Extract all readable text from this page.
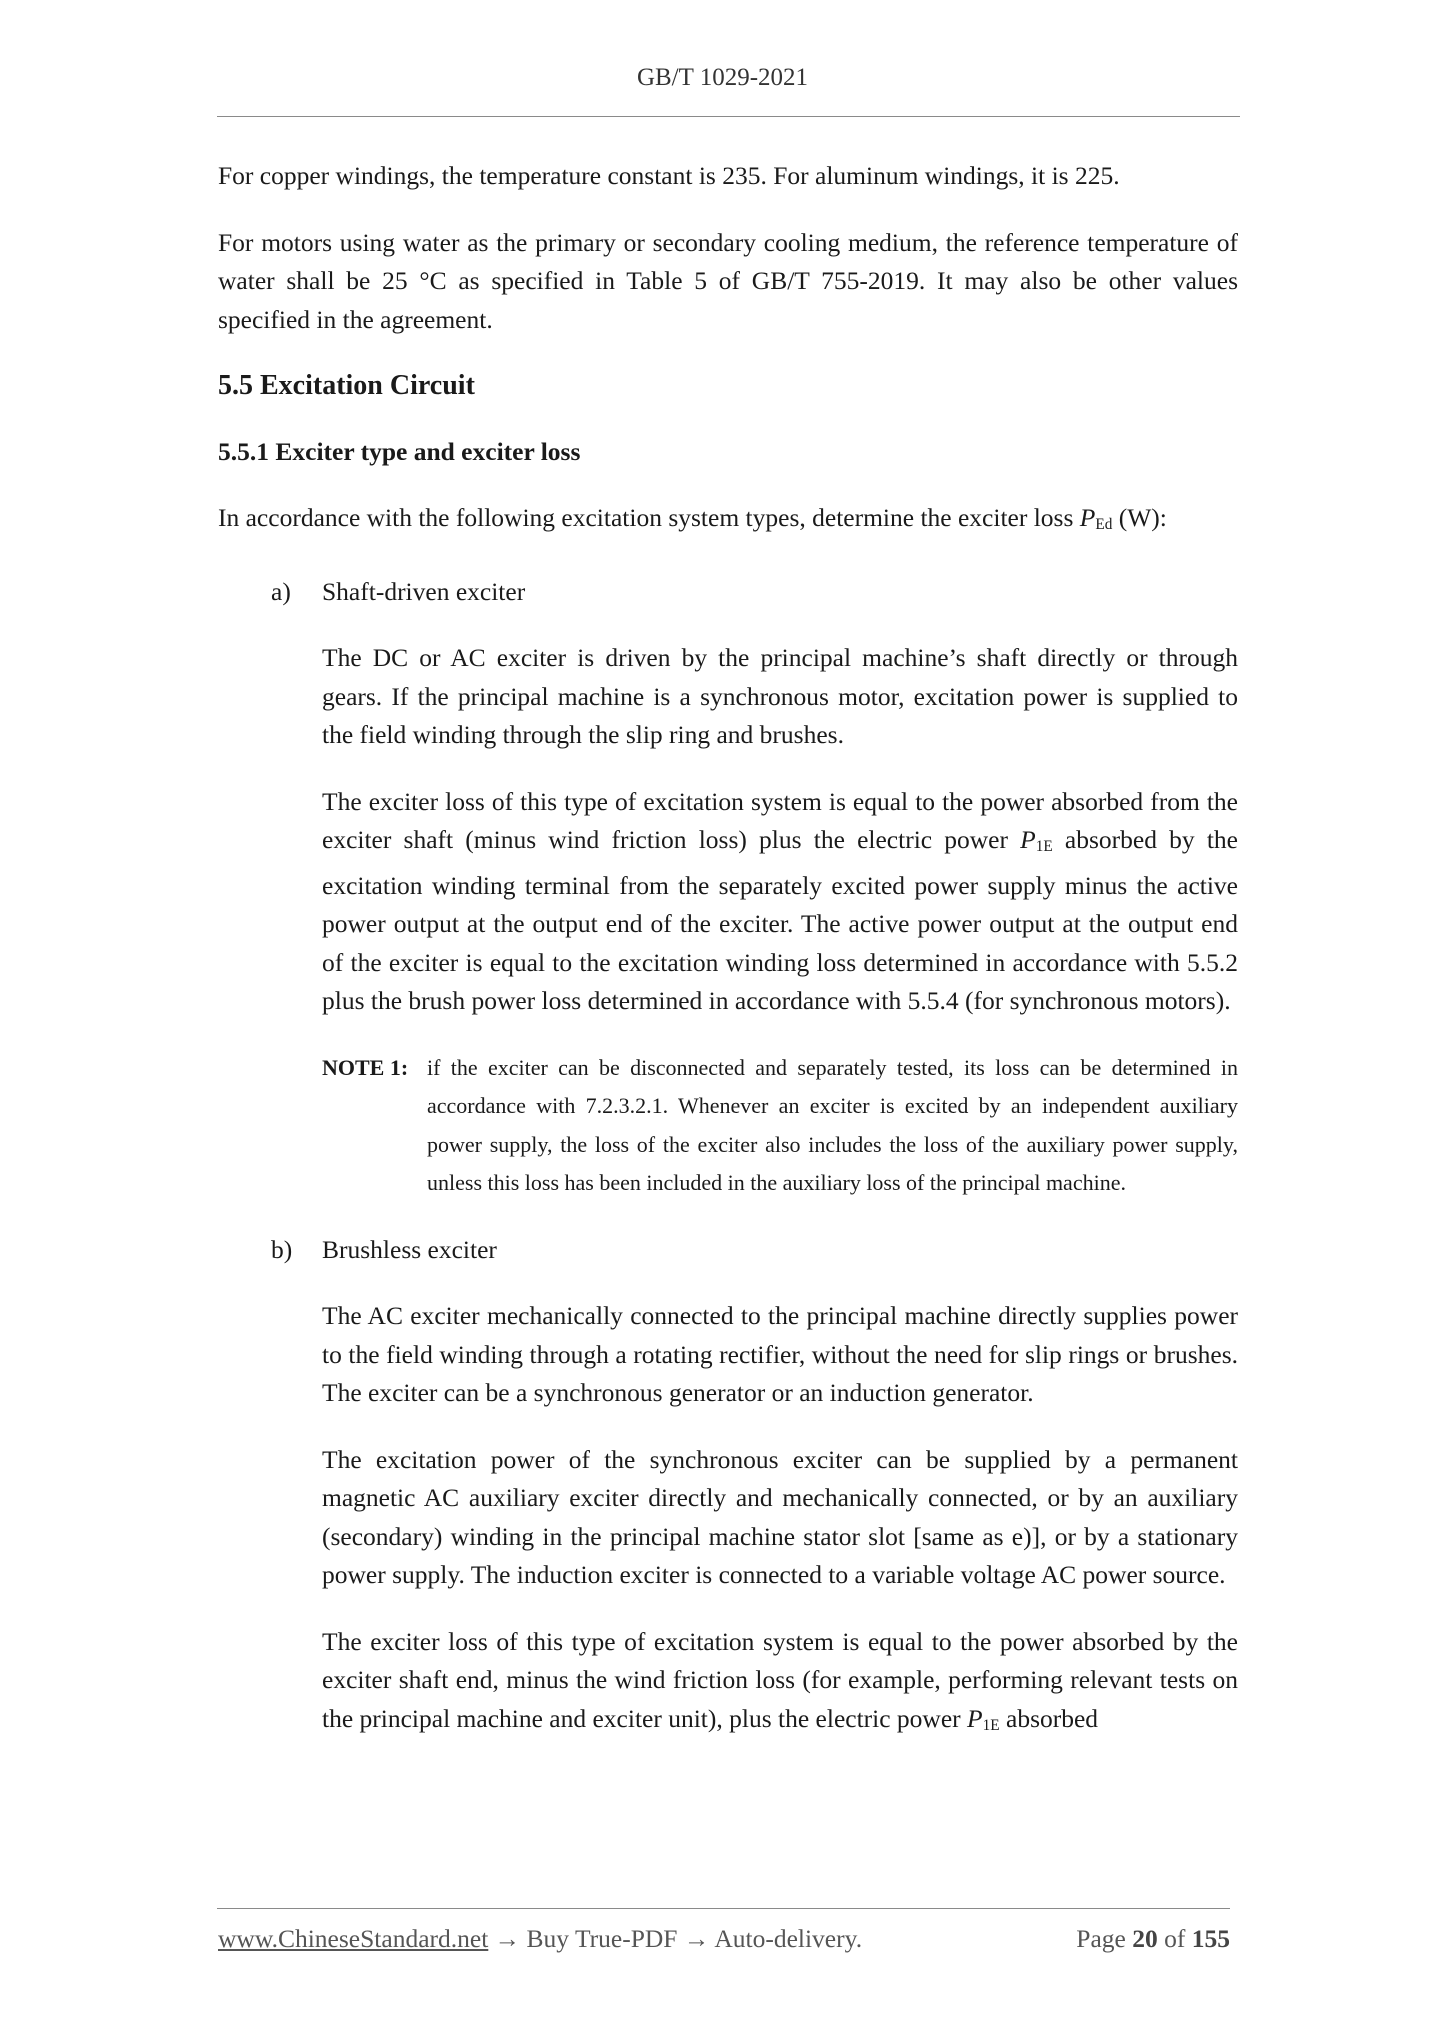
GB/T 1029-2021

For copper windings, the temperature constant is 235. For aluminum windings, it is 225.

For motors using water as the primary or secondary cooling medium, the reference temperature of water shall be 25 °C as specified in Table 5 of GB/T 755-2019. It may also be other values specified in the agreement.

5.5 Excitation Circuit
5.5.1 Exciter type and exciter loss

In accordance with the following excitation system types, determine the exciter loss $P_{Ed}$ (W):

a) Shaft-driven exciter

The DC or AC exciter is driven by the principal machine’s shaft directly or through gears. If the principal machine is a synchronous motor, excitation power is supplied to the field winding through the slip ring and brushes.

The exciter loss of this type of excitation system is equal to the power absorbed from the exciter shaft (minus wind friction loss) plus the electric power $P_{1E}$ absorbed by the excitation winding terminal from the separately excited power supply minus the active power output at the output end of the exciter. The active power output at the output end of the exciter is equal to the excitation winding loss determined in accordance with 5.5.2 plus the brush power loss determined in accordance with 5.5.4 (for synchronous motors).

NOTE 1: if the exciter can be disconnected and separately tested, its loss can be determined in accordance with 7.2.3.2.1. Whenever an exciter is excited by an independent auxiliary power supply, the loss of the exciter also includes the loss of the auxiliary power supply, unless this loss has been included in the auxiliary loss of the principal machine.
b) Brushless exciter

The AC exciter mechanically connected to the principal machine directly supplies power to the field winding through a rotating rectifier, without the need for slip rings or brushes. The exciter can be a synchronous generator or an induction generator.

The excitation power of the synchronous exciter can be supplied by a permanent magnetic AC auxiliary exciter directly and mechanically connected, or by an auxiliary (secondary) winding in the principal machine stator slot [same as e)], or by a stationary power supply. The induction exciter is connected to a variable voltage AC power source.

The exciter loss of this type of excitation system is equal to the power absorbed by the exciter shaft end, minus the wind friction loss (for example, performing relevant tests on the principal machine and exciter unit), plus the electric power $P_{1E}$ absorbed

www.ChineseStandard.net → Buy True-PDF → Auto-delivery.	Page 20 of 155
